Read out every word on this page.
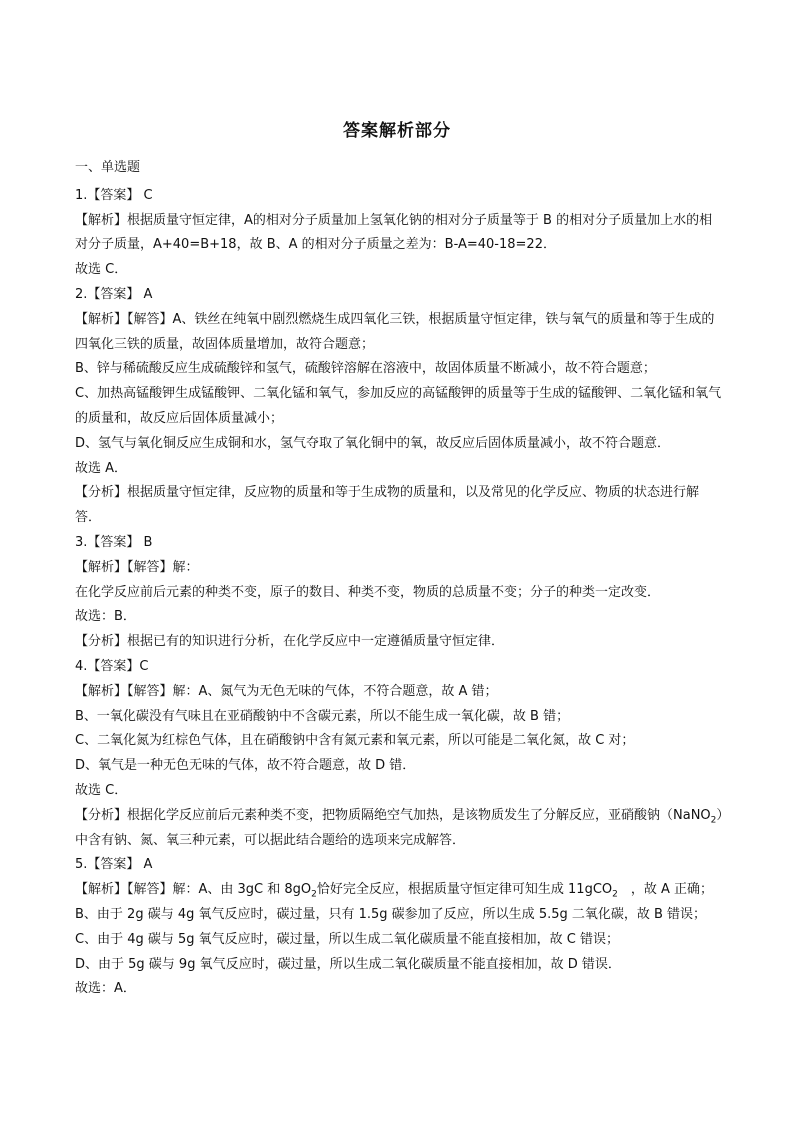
答案解析部分

一、单选题

1.【答案】 C

【解析】根据质量守恒定律，A的相对分子质量加上氢氧化钠的相对分子质量等于 B 的相对分子质量加上水的相对分子质量，A+40=B+18，故 B、A 的相对分子质量之差为：B-A=40-18=22．

故选 C．

2.【答案】 A

【解析】【解答】A、铁丝在纯氧中剧烈燃烧生成四氧化三铁，根据质量守恒定律，铁与氧气的质量和等于生成的四氧化三铁的质量，故固体质量增加，故符合题意；

B、锌与稀硫酸反应生成硫酸锌和氢气，硫酸锌溶解在溶液中，故固体质量不断减小，故不符合题意；

C、加热高锰酸钾生成锰酸钾、二氧化锰和氧气，参加反应的高锰酸钾的质量等于生成的锰酸钾、二氧化锰和氧气的质量和，故反应后固体质量减小；

D、氢气与氧化铜反应生成铜和水，氢气夺取了氧化铜中的氧，故反应后固体质量减小，故不符合题意．

故选 A．

【分析】根据质量守恒定律，反应物的质量和等于生成物的质量和，以及常见的化学反应、物质的状态进行解答．

3.【答案】 B

【解析】【解答】解：

在化学反应前后元素的种类不变，原子的数目、种类不变，物质的总质量不变；分子的种类一定改变．

故选：B．

【分析】根据已有的知识进行分析，在化学反应中一定遵循质量守恒定律．

4.【答案】C

【解析】【解答】解：A、氮气为无色无味的气体，不符合题意，故 A 错；

B、一氧化碳没有气味且在亚硝酸钠中不含碳元素，所以不能生成一氧化碳，故 B 错；

C、二氧化氮为红棕色气体，且在硝酸钠中含有氮元素和氧元素，所以可能是二氧化氮，故 C 对；

D、氧气是一种无色无味的气体，故不符合题意，故 D 错．

故选 C．

【分析】根据化学反应前后元素种类不变，把物质隔绝空气加热，是该物质发生了分解反应，亚硝酸钠（NaNO$_2$）中含有钠、氮、氧三种元素，可以据此结合题给的选项来完成解答．

5.【答案】 A

【解析】【解答】解：A、由 3gC 和 $8gO_2$恰好完全反应，根据质量守恒定律可知生成 11gCO$_2$　，故 A 正确；

B、由于 2g 碳与 4g 氧气反应时，碳过量，只有 1.5g 碳参加了反应，所以生成 5.5g 二氧化碳，故 B 错误；

C、由于 4g 碳与 5g 氧气反应时，碳过量，所以生成二氧化碳质量不能直接相加，故 C 错误；

D、由于 5g 碳与 9g 氧气反应时，碳过量，所以生成二氧化碳质量不能直接相加，故 D 错误．

故选：A．
